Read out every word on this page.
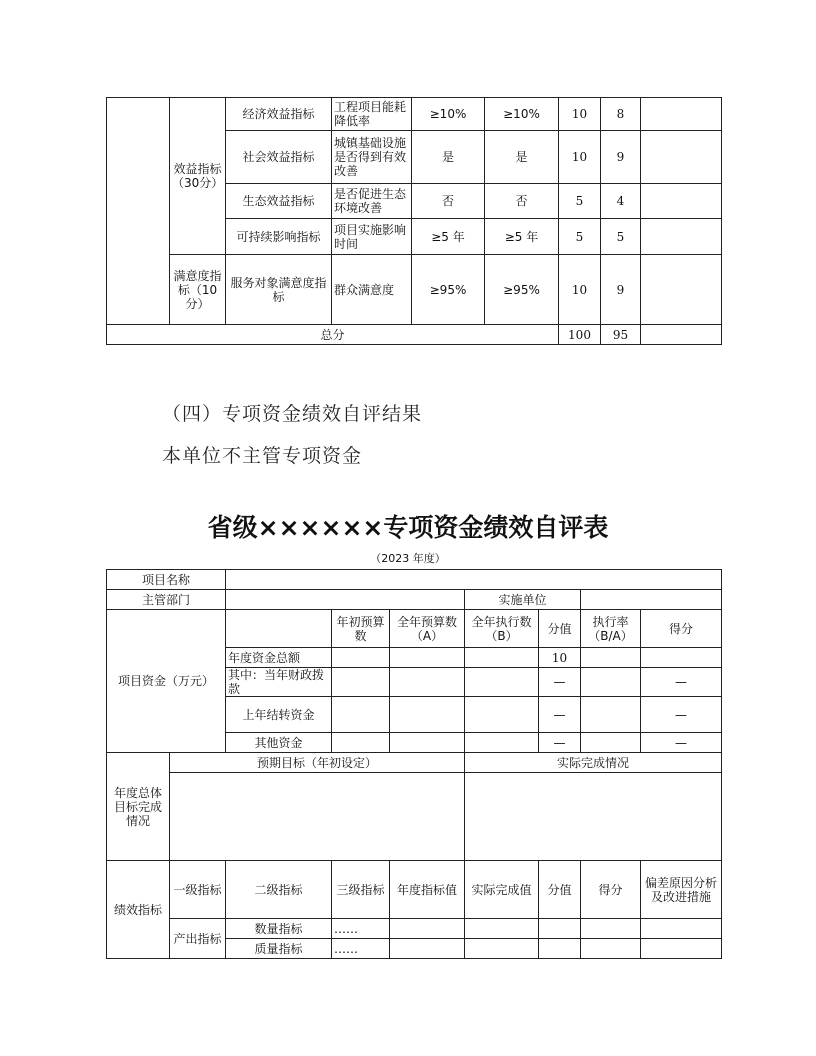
	效益指标（30分）	经济效益指标	工程项目能耗降低率	≥10%	≥10%	10	8	
		社会效益指标	城镇基础设施是否得到有效改善	是	是	10	9	
		生态效益指标	是否促进生态环境改善	否	否	5	4	
		可持续影响指标	项目实施影响时间	≥5 年	≥5 年	5	5	
	满意度指标（10分）	服务对象满意度指标	群众满意度	≥95%	≥95%	10	9	
总分						100	95	
（四）专项资金绩效自评结果
本单位不主管专项资金
省级××××××专项资金绩效自评表
（2023 年度）
项目名称								
主管部门					实施单位			
项目资金（万元）			年初预算数	全年预算数（A）	全年执行数（B）	分值	执行率（B/A）	得分
		年度资金总额				10		
		其中：当年财政拨款				—		—
		上年结转资金				—		—
		其他资金				—		—
年度总体目标完成情况	预期目标（年初设定）				实际完成情况			

绩效指标	一级指标	二级指标	三级指标	年度指标值	实际完成值	分值	得分	偏差原因分析及改进措施
	产出指标	数量指标	……					
		质量指标	……					
